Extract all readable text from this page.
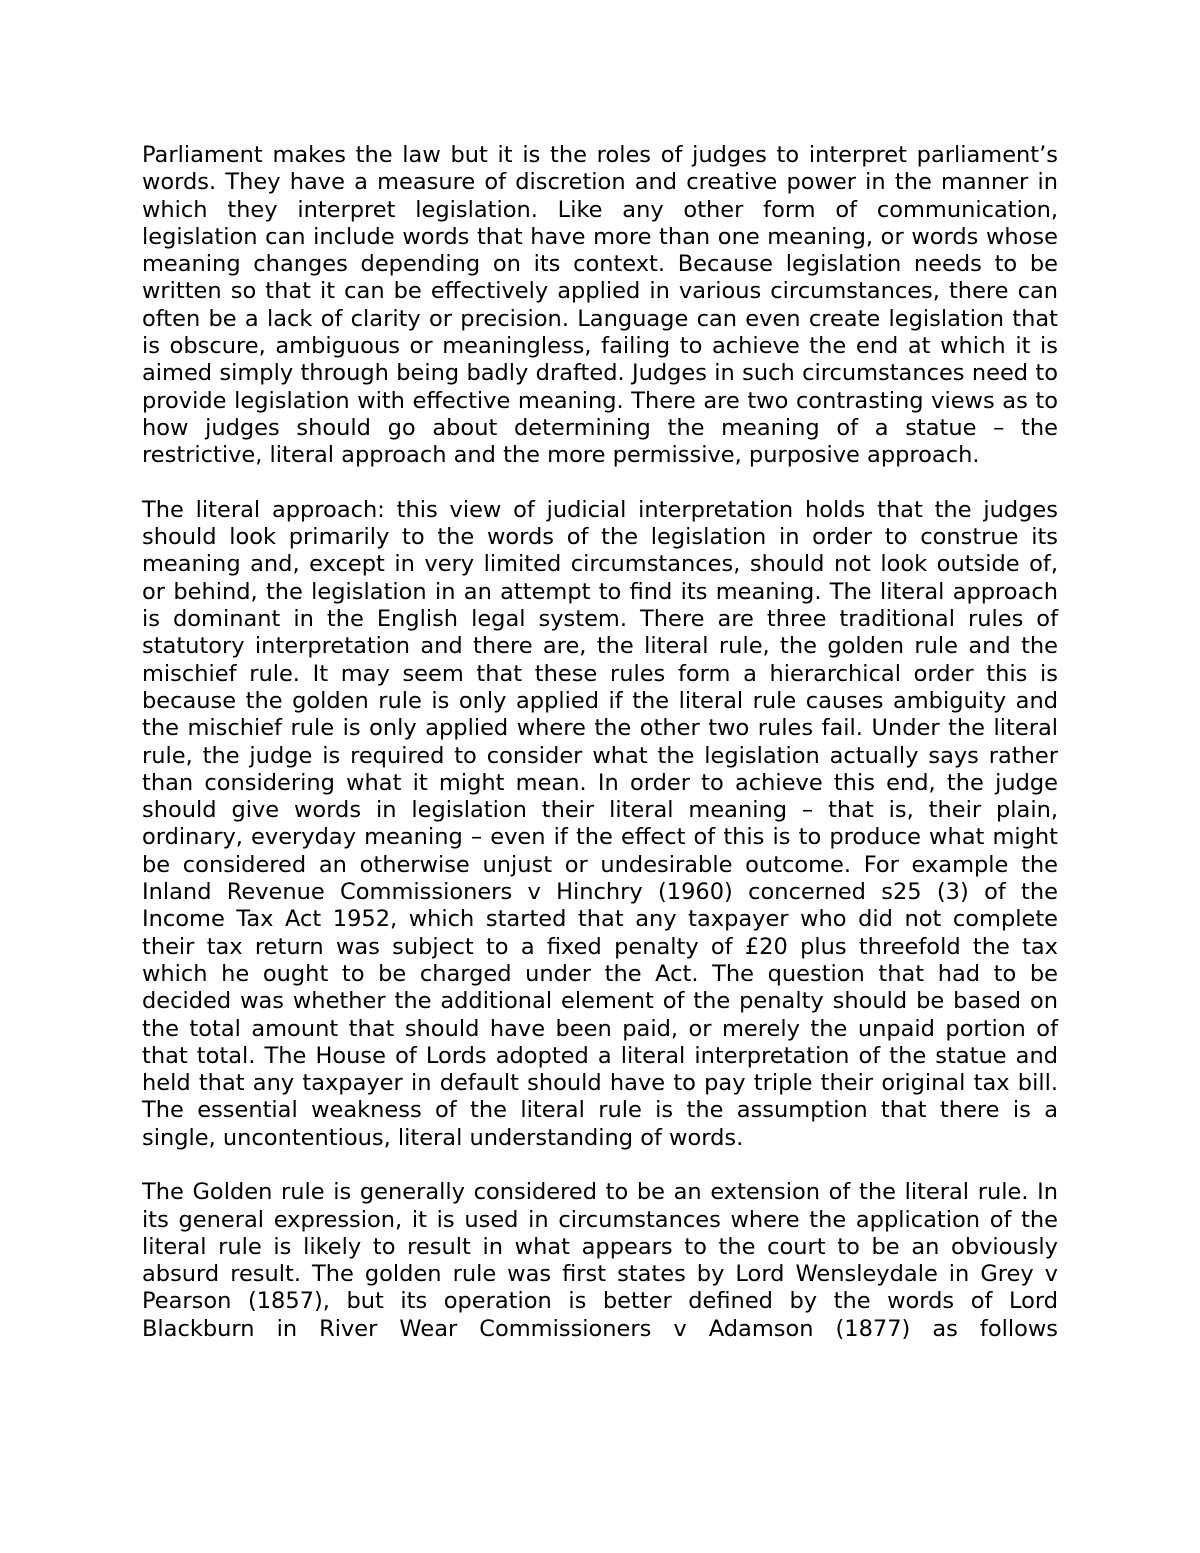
Parliament makes the law but it is the roles of judges to interpret parliament’s words. They have a measure of discretion and creative power in the manner in which they interpret legislation. Like any other form of communication, legislation can include words that have more than one meaning, or words whose meaning changes depending on its context. Because legislation needs to be written so that it can be effectively applied in various circumstances, there can often be a lack of clarity or precision. Language can even create legislation that is obscure, ambiguous or meaningless, failing to achieve the end at which it is aimed simply through being badly drafted. Judges in such circumstances need to provide legislation with effective meaning. There are two contrasting views as to how judges should go about determining the meaning of a statue – the restrictive, literal approach and the more permissive, purposive approach.

The literal approach: this view of judicial interpretation holds that the judges should look primarily to the words of the legislation in order to construe its meaning and, except in very limited circumstances, should not look outside of, or behind, the legislation in an attempt to find its meaning. The literal approach is dominant in the English legal system. There are three traditional rules of statutory interpretation and there are, the literal rule, the golden rule and the mischief rule. It may seem that these rules form a hierarchical order this is because the golden rule is only applied if the literal rule causes ambiguity and the mischief rule is only applied where the other two rules fail. Under the literal rule, the judge is required to consider what the legislation actually says rather than considering what it might mean. In order to achieve this end, the judge should give words in legislation their literal meaning – that is, their plain, ordinary, everyday meaning – even if the effect of this is to produce what might be considered an otherwise unjust or undesirable outcome. For example the Inland Revenue Commissioners v Hinchry (1960) concerned s25 (3) of the Income Tax Act 1952, which started that any taxpayer who did not complete their tax return was subject to a fixed penalty of £20 plus threefold the tax which he ought to be charged under the Act. The question that had to be decided was whether the additional element of the penalty should be based on the total amount that should have been paid, or merely the unpaid portion of that total. The House of Lords adopted a literal interpretation of the statue and held that any taxpayer in default should have to pay triple their original tax bill. The essential weakness of the literal rule is the assumption that there is a single, uncontentious, literal understanding of words.

The Golden rule is generally considered to be an extension of the literal rule. In its general expression, it is used in circumstances where the application of the literal rule is likely to result in what appears to the court to be an obviously absurd result. The golden rule was first states by Lord Wensleydale in Grey v Pearson (1857), but its operation is better defined by the words of Lord Blackburn in River Wear Commissioners v Adamson (1877) as follows
